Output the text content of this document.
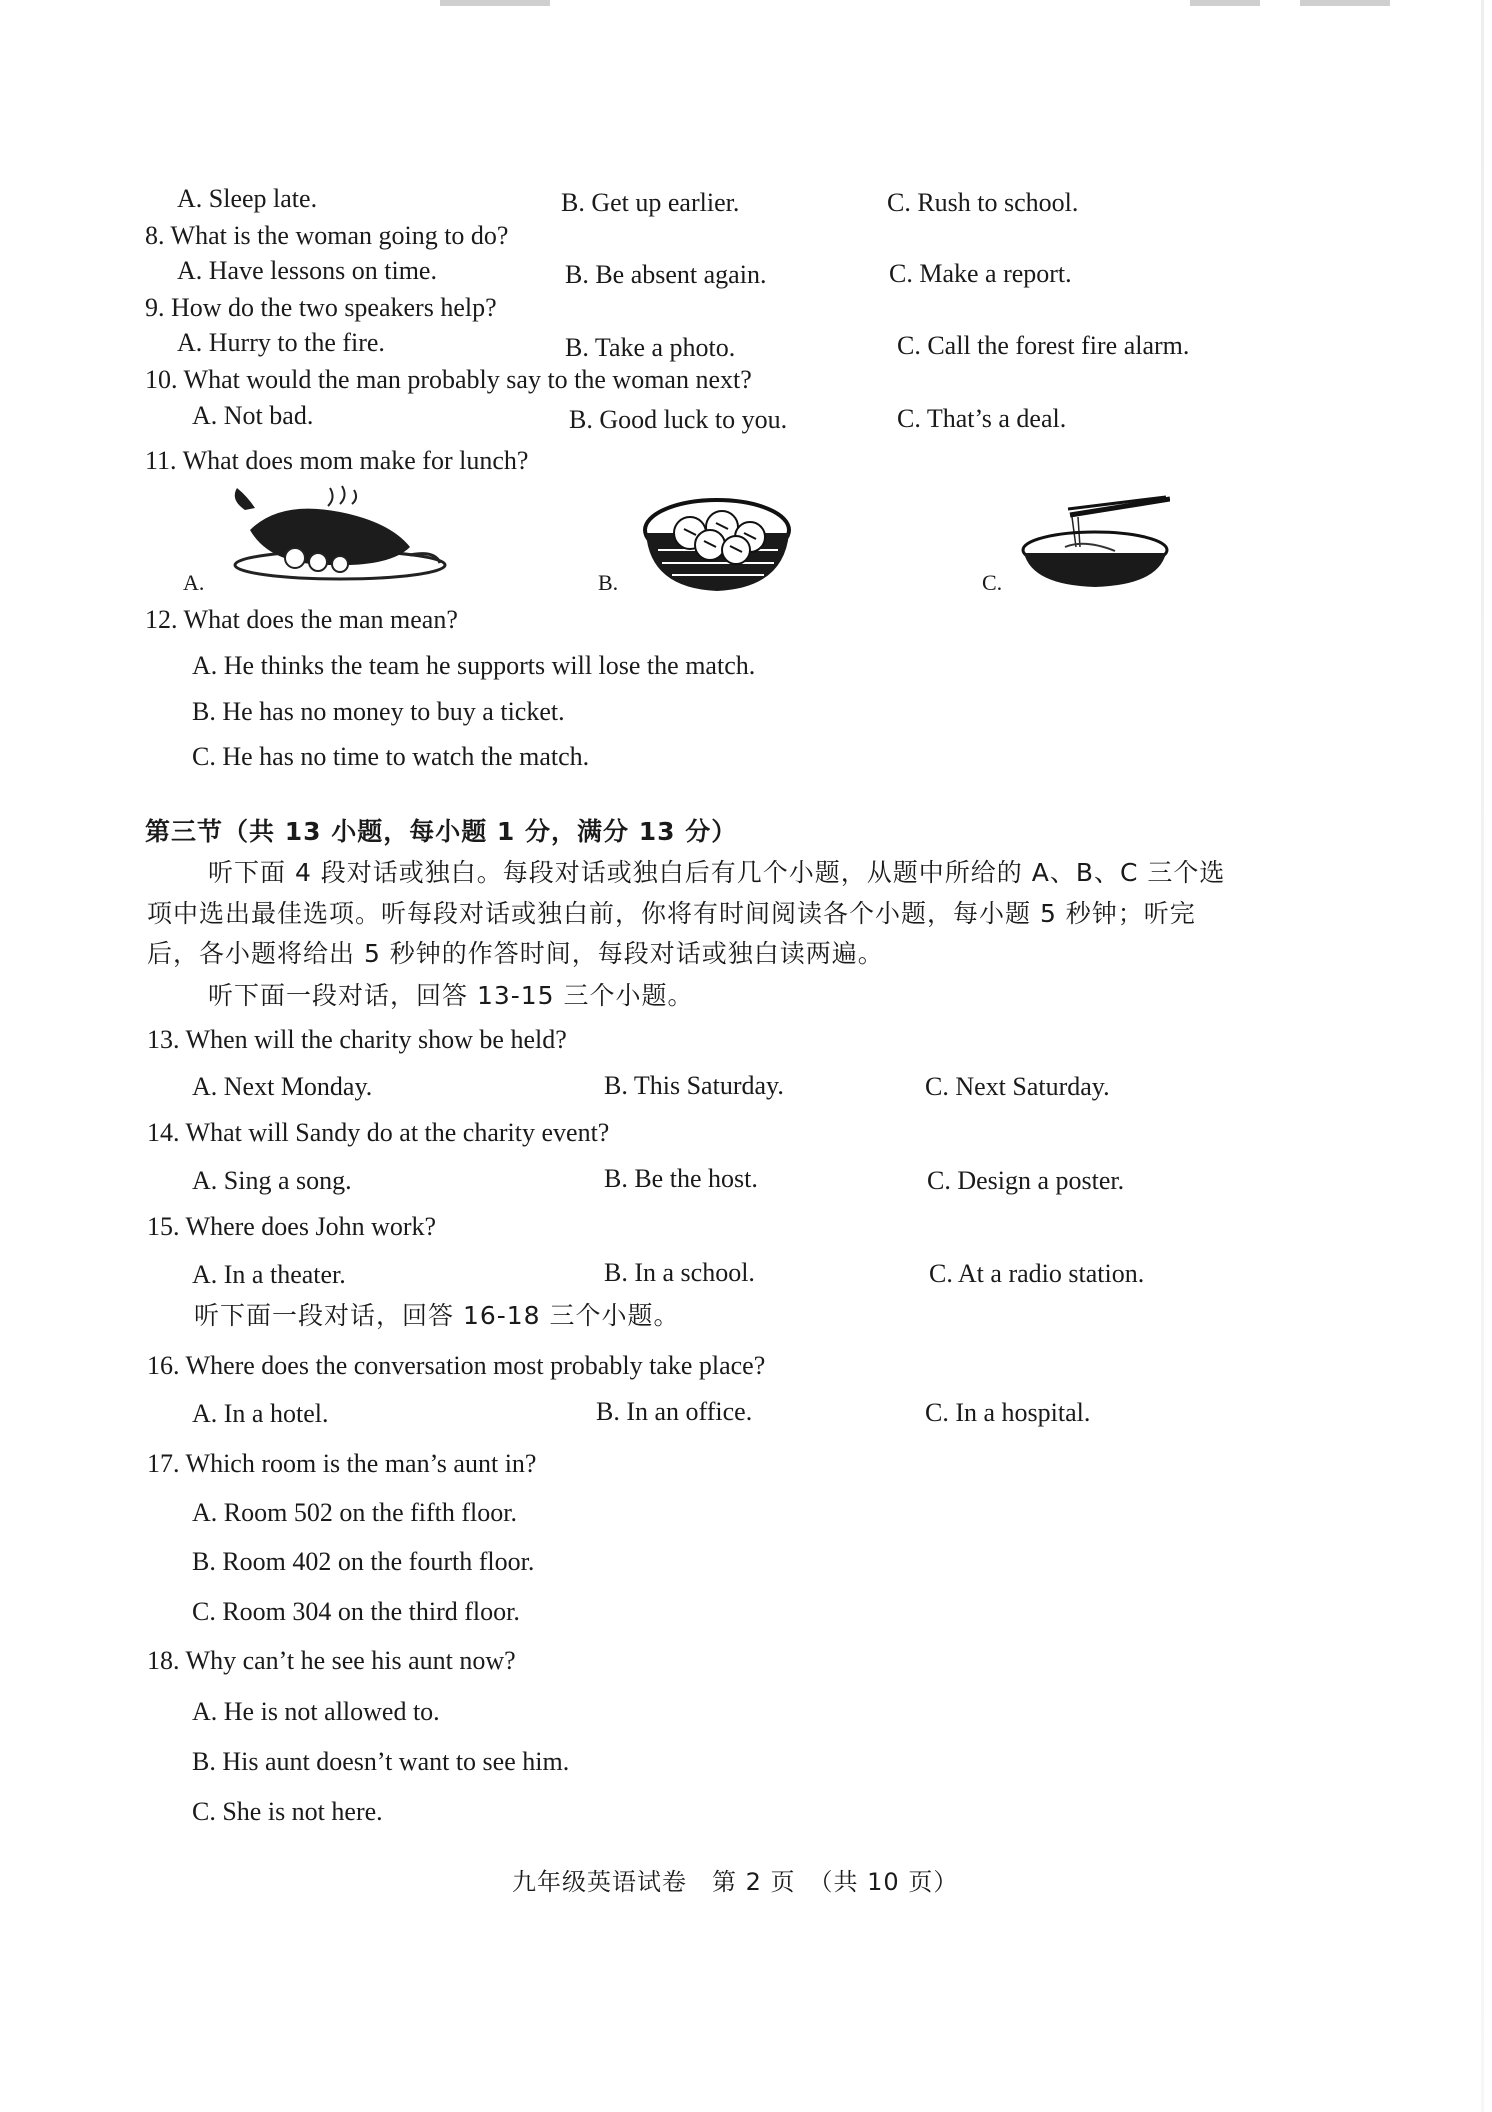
A. Sleep late.	B. Get up earlier.	C. Rush to school.
8. What is the woman going to do?
A. Have lessons on time.	B. Be absent again.	C. Make a report.
9. How do the two speakers help?
A. Hurry to the fire.	B. Take a photo.	C. Call the forest fire alarm.
10. What would the man probably say to the woman next?
A. Not bad.	B. Good luck to you.	C. That’s a deal.
11. What does mom make for lunch?
A.	B.	C.
12. What does the man mean?
A. He thinks the team he supports will lose the match.
B. He has no money to buy a ticket.
C. He has no time to watch the match.
第三节（共 13 小题，每小题 1 分，满分 13 分）
听下面 4 段对话或独白。每段对话或独白后有几个小题，从题中所给的 A、B、C 三个选
项中选出最佳选项。听每段对话或独白前，你将有时间阅读各个小题，每小题 5 秒钟；听完
后，各小题将给出 5 秒钟的作答时间，每段对话或独白读两遍。
听下面一段对话，回答 13-15 三个小题。
13. When will the charity show be held?
A. Next Monday.	B. This Saturday.	C. Next Saturday.
14. What will Sandy do at the charity event?
A. Sing a song.	B. Be the host.	C. Design a poster.
15. Where does John work?
A. In a theater.	B. In a school.	C. At a radio station.
听下面一段对话，回答 16-18 三个小题。
16. Where does the conversation most probably take place?
A. In a hotel.	B. In an office.	C. In a hospital.
17. Which room is the man’s aunt in?
A. Room 502 on the fifth floor.
B. Room 402 on the fourth floor.
C. Room 304 on the third floor.
18. Why can’t he see his aunt now?
A. He is not allowed to.
B. His aunt doesn’t want to see him.
C. She is not here.
九年级英语试卷　第 2 页　（共 10 页）
